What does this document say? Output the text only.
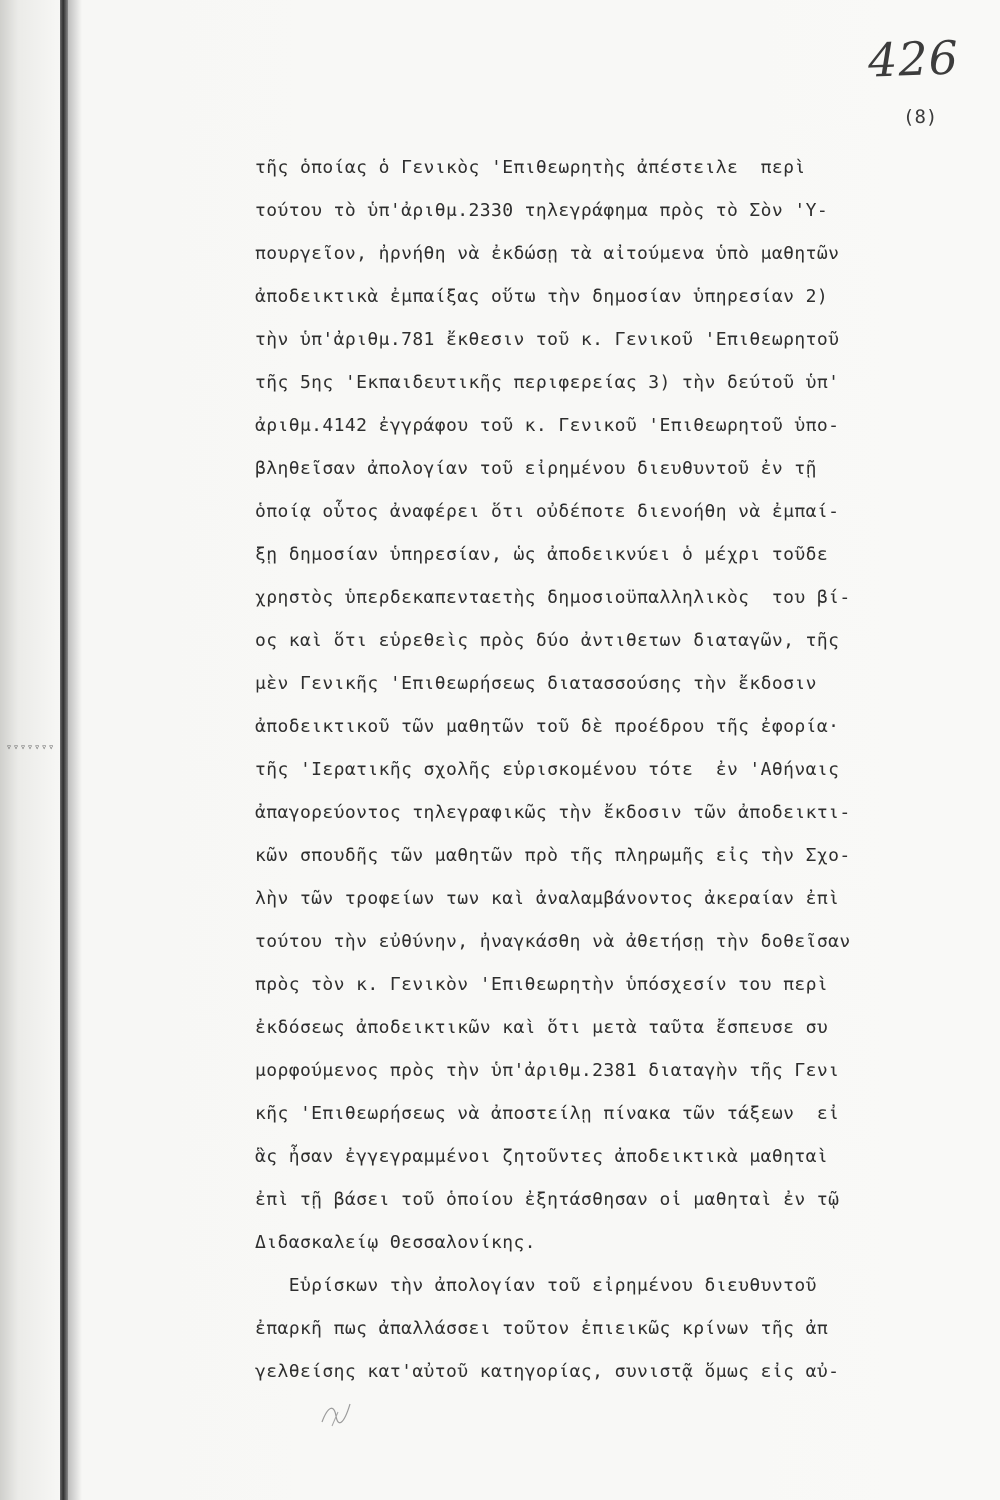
426
(8)
▿▿▿▿▿▿▿
τῆς ὁποίας ὁ Γενικὸς 'Επιθεωρητὴς ἀπέστειλε  περὶ
τούτου τὸ ὑπ'ἀριθμ.2330 τηλεγράφημα πρὸς τὸ Σὸν 'Υ-
πουργεῖον, ἠρνήθη νὰ ἐκδώσῃ τὰ αἰτούμενα ὑπὸ μαθητῶν
ἀποδεικτικὰ ἐμπαίξας οὕτω τὴν δημοσίαν ὑπηρεσίαν 2)
τὴν ὑπ'ἀριθμ.781 ἔκθεσιν τοῦ κ. Γενικοῦ 'Επιθεωρητοῦ
τῆς 5ης 'Εκπαιδευτικῆς περιφερείας 3) τὴν δεύτοῦ ὑπ'
ἀριθμ.4142 ἐγγράφου τοῦ κ. Γενικοῦ 'Επιθεωρητοῦ ὑπο-
βληθεῖσαν ἀπολογίαν τοῦ εἰρημένου διευθυντοῦ ἐν τῇ
ὁποίᾳ οὗτος ἀναφέρει ὅτι οὐδέποτε διενοήθη νὰ ἐμπαί-
ξῃ δημοσίαν ὑπηρεσίαν, ὡς ἀποδεικνύει ὁ μέχρι τοῦδε
χρηστὸς ὑπερδεκαπενταετὴς δημοσιοϋπαλληλικὸς  του βί-
ος καὶ ὅτι εὑρεθεὶς πρὸς δύο ἀντιθετων διαταγῶν, τῆς
μὲν Γενικῆς 'Επιθεωρήσεως διατασσούσης τὴν ἔκδοσιν
ἀποδεικτικοῦ τῶν μαθητῶν τοῦ δὲ προέδρου τῆς ἐφορία·
τῆς 'Ιερατικῆς σχολῆς εὑρισκομένου τότε  ἐν 'Αθήναις
ἀπαγορεύοντος τηλεγραφικῶς τὴν ἔκδοσιν τῶν ἀποδεικτι-
κῶν σπουδῆς τῶν μαθητῶν πρὸ τῆς πληρωμῆς εἰς τὴν Σχο-
λὴν τῶν τροφείων των καὶ ἀναλαμβάνοντος ἀκεραίαν ἐπὶ
τούτου τὴν εὐθύνην, ἠναγκάσθη νὰ ἀθετήσῃ τὴν δοθεῖσαν
πρὸς τὸν κ. Γενικὸν 'Επιθεωρητὴν ὑπόσχεσίν του περὶ
ἐκδόσεως ἀποδεικτικῶν καὶ ὅτι μετὰ ταῦτα ἔσπευσε συ
μορφούμενος πρὸς τὴν ὑπ'ἀριθμ.2381 διαταγὴν τῆς Γενι
κῆς 'Επιθεωρήσεως νὰ ἀποστείλῃ πίνακα τῶν τάξεων  εἰ
ἃς ἦσαν ἐγγεγραμμένοι ζητοῦντες ἀποδεικτικὰ μαθηταὶ
ἐπὶ τῇ βάσει τοῦ ὁποίου ἐξητάσθησαν οἱ μαθηταὶ ἐν τῷ
Διδασκαλείῳ Θεσσαλονίκης.
Εὑρίσκων τὴν ἀπολογίαν τοῦ εἰρημένου διευθυντοῦ
ἐπαρκῆ πως ἀπαλλάσσει τοῦτον ἐπιεικῶς κρίνων τῆς ἀπ
γελθείσης κατ'αὐτοῦ κατηγορίας, συνιστᾷ ὅμως εἰς αὐ-
